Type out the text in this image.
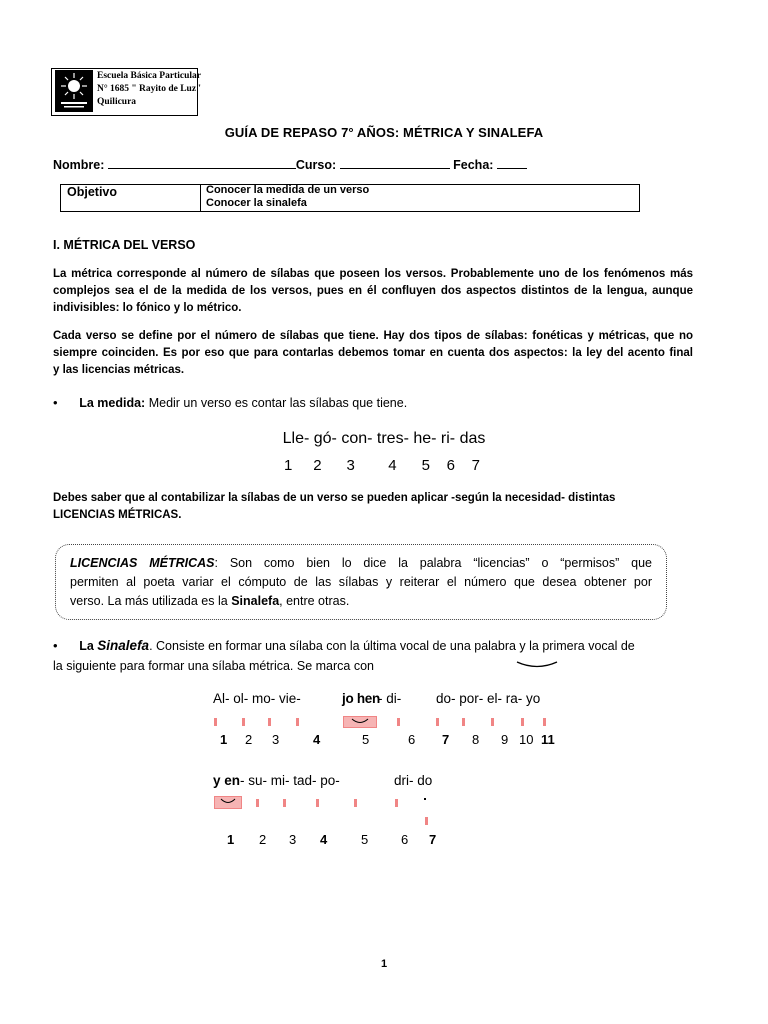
Escuela Básica Particular
N° 1685 " Rayito de Luz"
Quilicura
GUÍA DE REPASO 7° AÑOS: MÉTRICA Y SINALEFA
Nombre:	Curso:	Fecha:
Objetivo	Conocer la medida de un verso
Conocer la sinalefa
I. MÉTRICA DEL VERSO
La métrica corresponde al número de sílabas que poseen los versos. Probablemente uno de los fenómenos más
complejos sea el de la medida de los versos, pues en él confluyen dos aspectos distintos de la lengua, aunque
indivisibles: lo fónico y lo métrico.
Cada verso se define por el número de sílabas que tiene. Hay dos tipos de sílabas: fonéticas y métricas, que no
siempre coinciden. Es por eso que para contarlas debemos tomar en cuenta dos aspectos: la ley del acento final
y las licencias métricas.
•      La medida: Medir un verso es contar las sílabas que tiene.
Lle- gó- con- tres- he- ri- das
1 2 3 4 5 6 7
Debes saber que al contabilizar la sílabas de un verso se pueden aplicar -según la necesidad- distintas
LICENCIAS MÉTRICAS.
LICENCIAS MÉTRICAS: Son como bien lo dice la palabra “licencias” o “permisos” que
permiten al poeta variar el cómputo de las sílabas y reiterar el número que desea obtener por
verso. La más utilizada es la Sinalefa, entre otras.
•      La Sinalefa. Consiste en formar una sílaba con la última vocal de una palabra y la primera vocal de
la siguiente para formar una sílaba métrica. Se marca con
Al- ol- mo- vie-	jo hen
- di-	do- por- el- ra- yo
1 2 3	4	5	6 7 8 9 10 11
y en - su- mi- tad- po-	dri- do
1 2 3 4	5	6 7
1
